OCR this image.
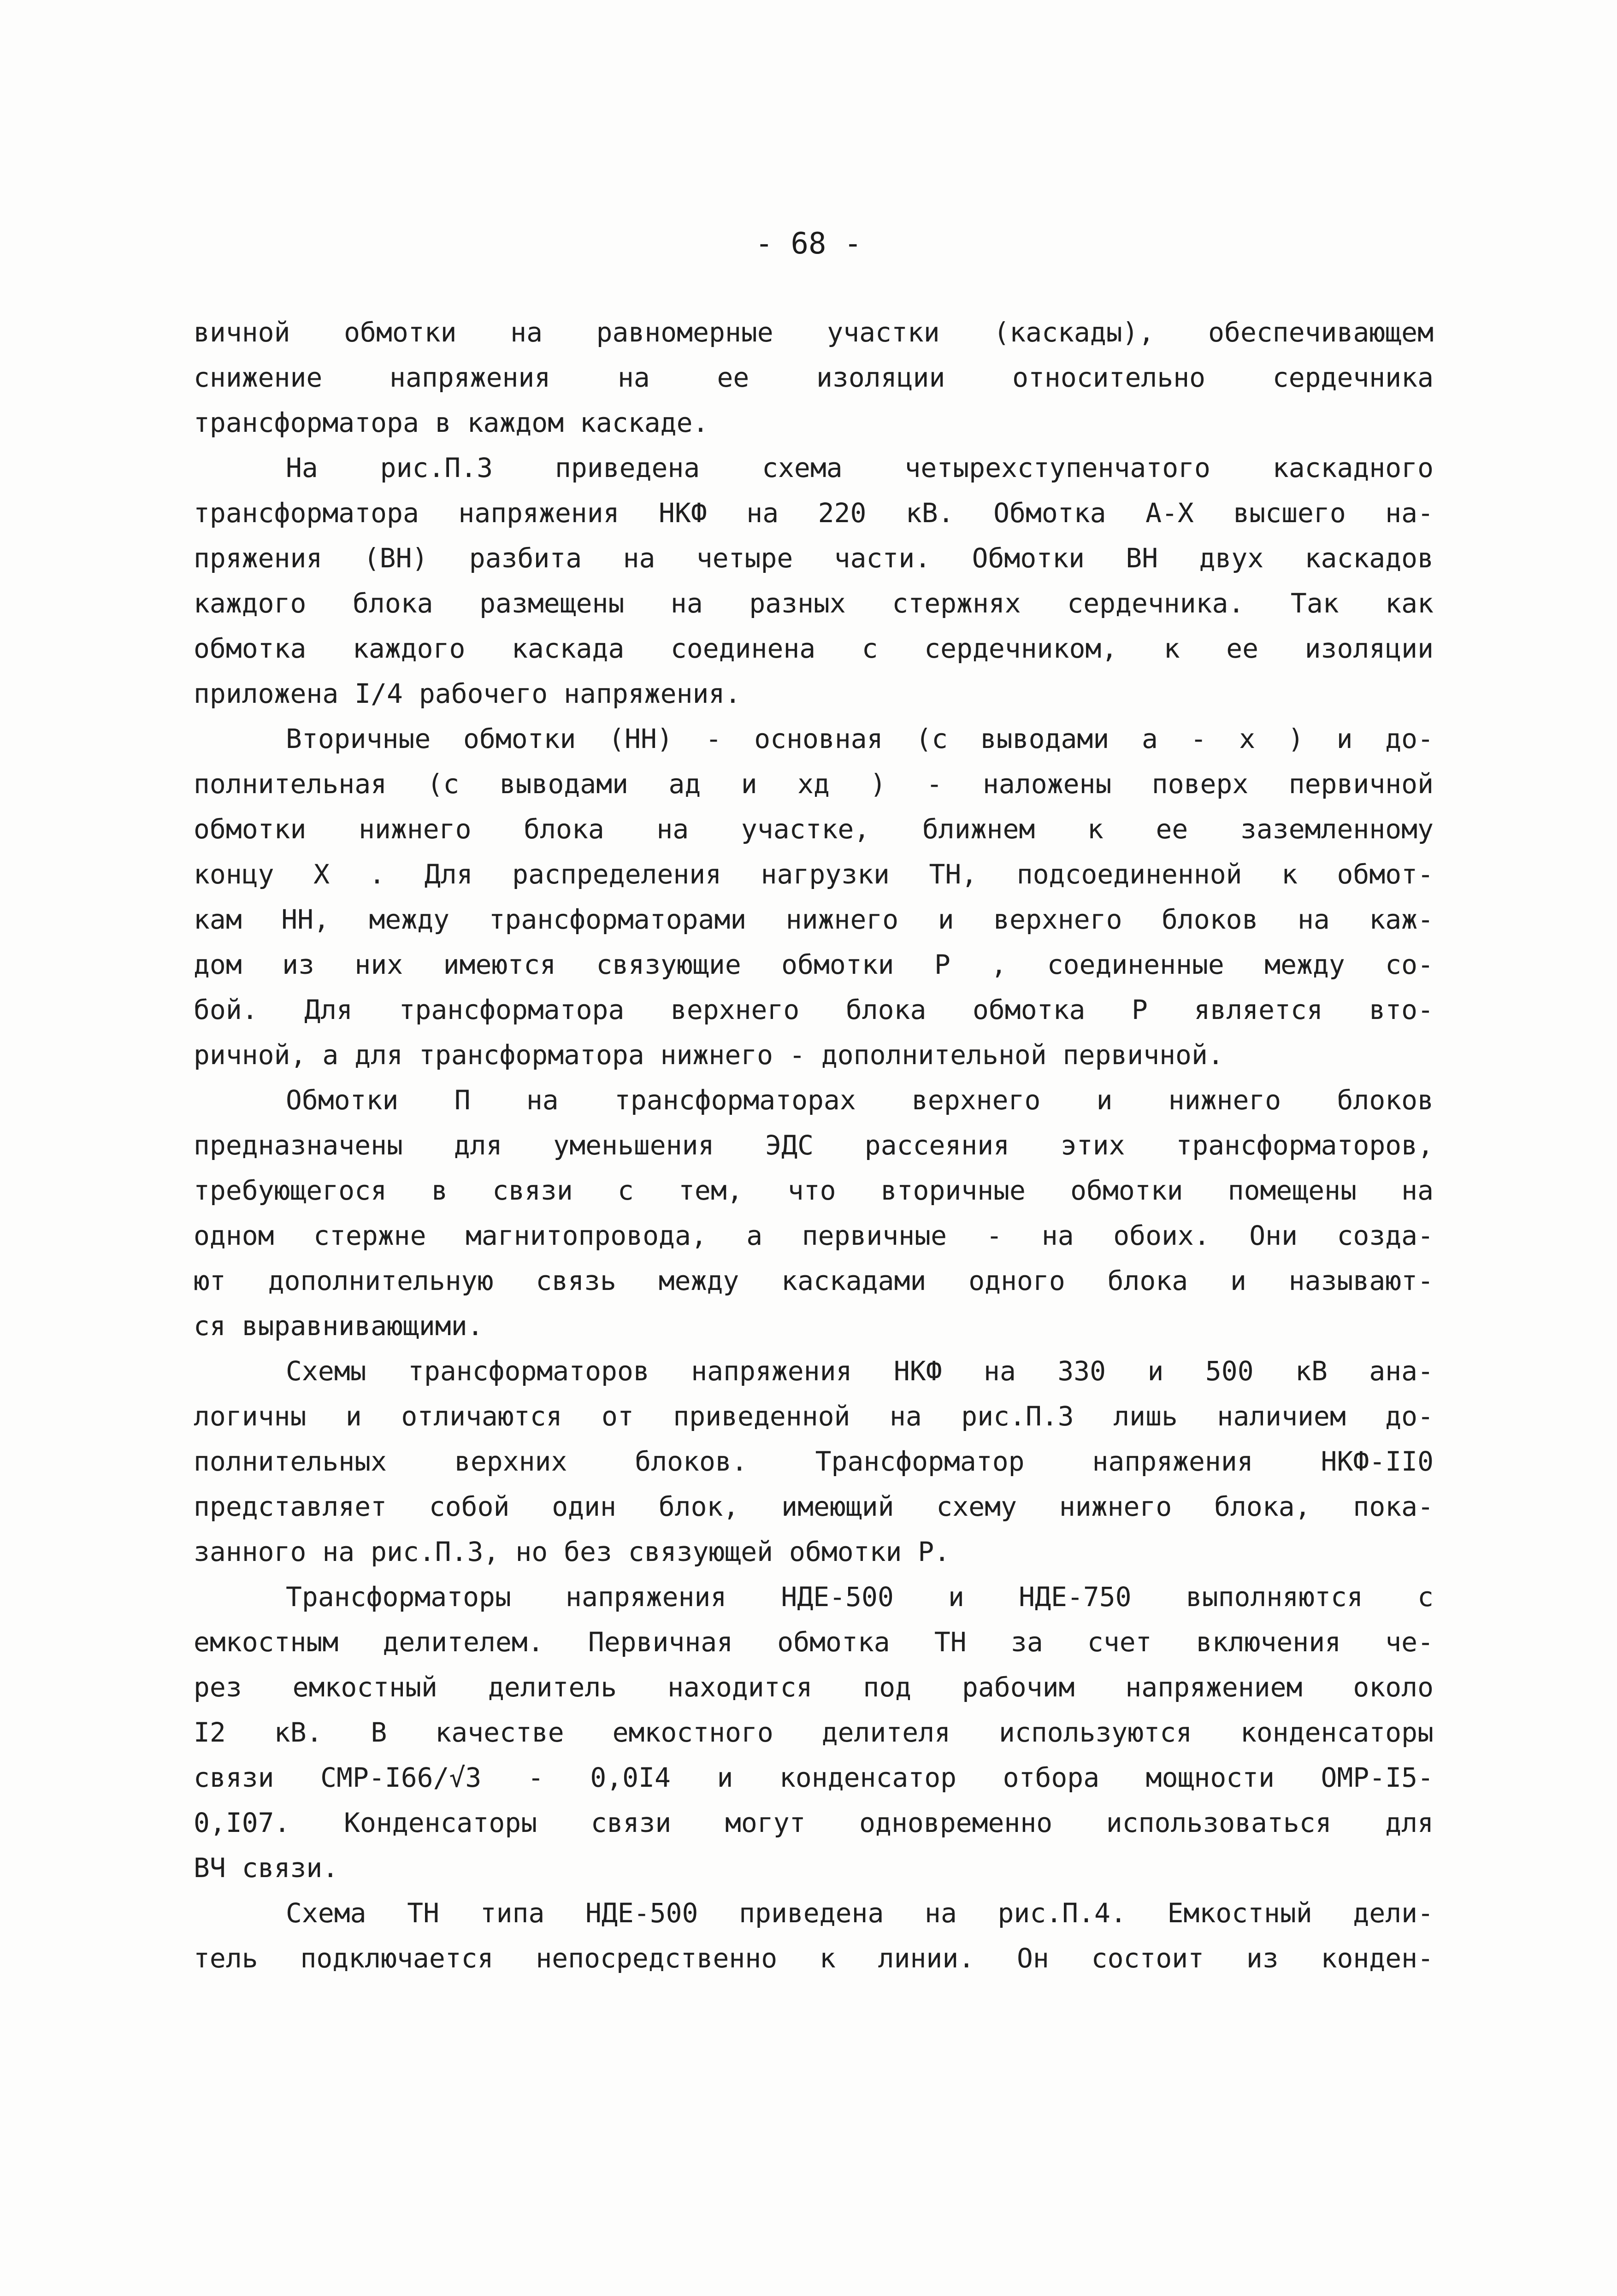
- 68 -
вичной обмотки на равномерные участки (каскады), обеспечивающем
снижение напряжения на ее изоляции относительно сердечника
трансформатора в каждом каскаде.
На рис.П.3 приведена схема четырехступенчатого каскадного
трансформатора напряжения НКФ на 220 кВ. Обмотка А-Х высшего на-
пряжения (ВН) разбита на четыре части. Обмотки ВН двух каскадов
каждого блока размещены на разных стержнях сердечника. Так как
обмотка каждого каскада соединена с сердечником, к ее изоляции
приложена I/4 рабочего напряжения.
Вторичные обмотки (НН) - основная (с выводами а - х ) и до-
полнительная (с выводами ад и хд ) - наложены поверх первичной
обмотки нижнего блока на участке, ближнем к ее заземленному
концу Х . Для распределения нагрузки ТН, подсоединенной к обмот-
кам НН, между трансформаторами нижнего и верхнего блоков на каж-
дом из них имеются связующие обмотки Р , соединенные между со-
бой. Для трансформатора верхнего блока обмотка Р является вто-
ричной, а для трансформатора нижнего - дополнительной первичной.
Обмотки П на трансформаторах верхнего и нижнего блоков
предназначены для уменьшения ЭДС рассеяния этих трансформаторов,
требующегося в связи с тем, что вторичные обмотки помещены на
одном стержне магнитопровода, а первичные - на обоих. Они созда-
ют дополнительную связь между каскадами одного блока и называют-
ся выравнивающими.
Схемы трансформаторов напряжения НКФ на 330 и 500 кВ ана-
логичны и отличаются от приведенной на рис.П.3 лишь наличием до-
полнительных верхних блоков. Трансформатор напряжения НКФ-II0
представляет собой один блок, имеющий схему нижнего блока, пока-
занного на рис.П.3, но без связующей обмотки Р.
Трансформаторы напряжения НДЕ-500 и НДЕ-750 выполняются с
емкостным делителем. Первичная обмотка ТН за счет включения че-
рез емкостный делитель находится под рабочим напряжением около
I2 кВ. В качестве емкостного делителя используются конденсаторы
связи СМР-I66/√3 - 0,0I4 и конденсатор отбора мощности ОМР-I5-
0,I07. Конденсаторы связи могут одновременно использоваться для
ВЧ связи.
Схема ТН типа НДЕ-500 приведена на рис.П.4. Емкостный дели-
тель подключается непосредственно к линии. Он состоит из конден-
